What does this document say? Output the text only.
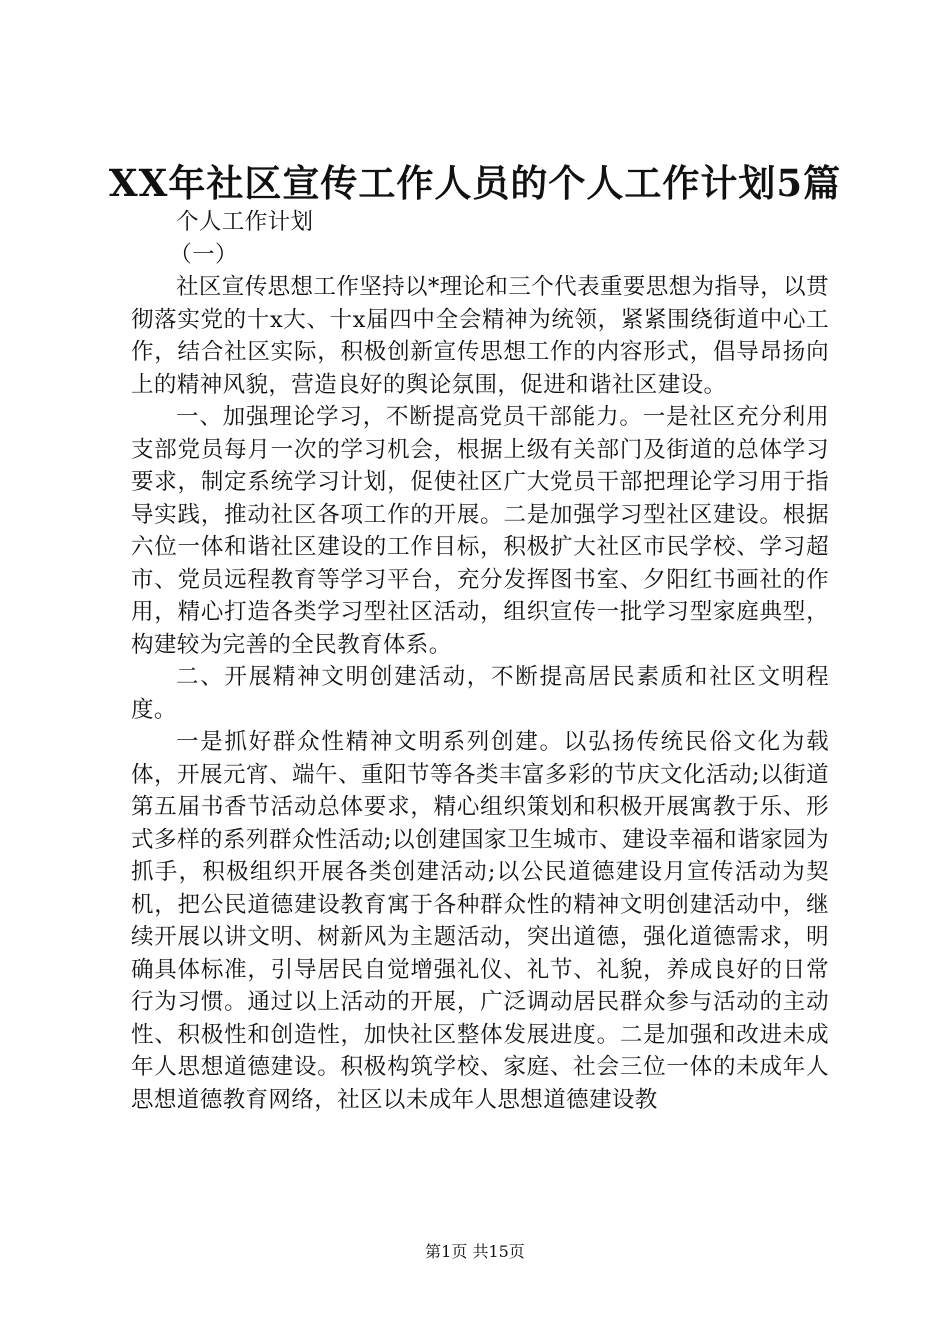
XX年社区宣传工作人员的个人工作计划5篇

个人工作计划

（一）

社区宣传思想工作坚持以*理论和三个代表重要思想为指导，以贯彻落实党的十x大、十x届四中全会精神为统领，紧紧围绕街道中心工作，结合社区实际，积极创新宣传思想工作的内容形式，倡导昂扬向上的精神风貌，营造良好的舆论氛围，促进和谐社区建设。

一、加强理论学习，不断提高党员干部能力。一是社区充分利用支部党员每月一次的学习机会，根据上级有关部门及街道的总体学习要求，制定系统学习计划，促使社区广大党员干部把理论学习用于指导实践，推动社区各项工作的开展。二是加强学习型社区建设。根据六位一体和谐社区建设的工作目标，积极扩大社区市民学校、学习超市、党员远程教育等学习平台，充分发挥图书室、夕阳红书画社的作用，精心打造各类学习型社区活动，组织宣传一批学习型家庭典型，构建较为完善的全民教育体系。

二、开展精神文明创建活动，不断提高居民素质和社区文明程度。

一是抓好群众性精神文明系列创建。以弘扬传统民俗文化为载体，开展元宵、端午、重阳节等各类丰富多彩的节庆文化活动;以街道第五届书香节活动总体要求，精心组织策划和积极开展寓教于乐、形式多样的系列群众性活动;以创建国家卫生城市、建设幸福和谐家园为抓手，积极组织开展各类创建活动;以公民道德建设月宣传活动为契机，把公民道德建设教育寓于各种群众性的精神文明创建活动中，继续开展以讲文明、树新风为主题活动，突出道德，强化道德需求，明确具体标准，引导居民自觉增强礼仪、礼节、礼貌，养成良好的日常行为习惯。通过以上活动的开展，广泛调动居民群众参与活动的主动性、积极性和创造性，加快社区整体发展进度。二是加强和改进未成年人思想道德建设。积极构筑学校、家庭、社会三位一体的未成年人思想道德教育网络，社区以未成年人思想道德建设教

第1页 共15页
